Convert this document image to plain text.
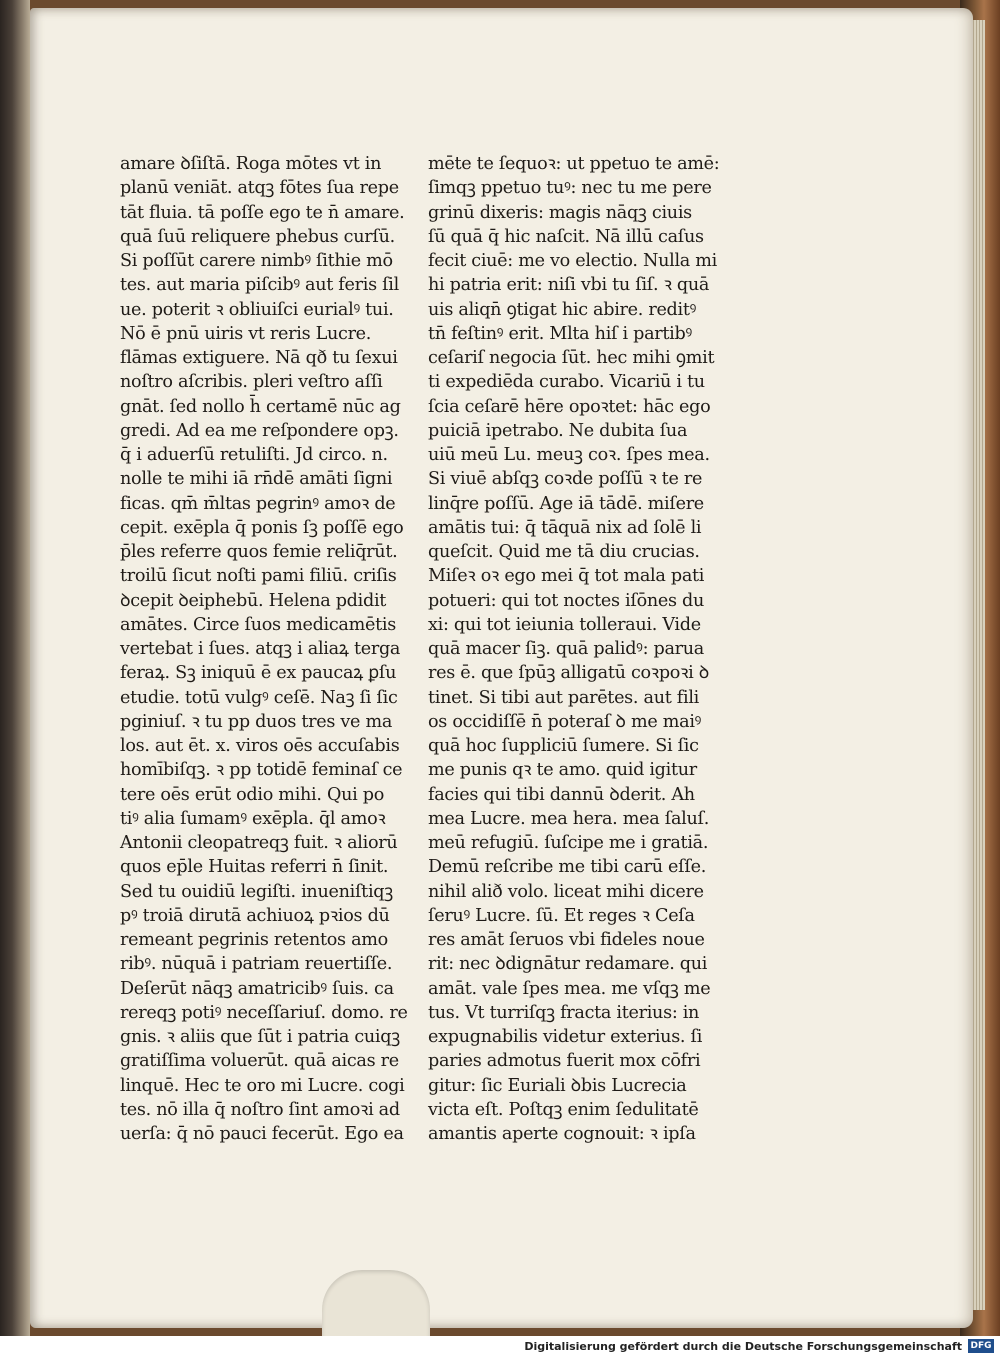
amare ꝺſiſtā. Roga mōtes vt in
planū veniāt. atqꝫ fōtes ſua repe
tāt fluia. tā poſſe ego te n̄ amare.
quā ſuū reliquere phebus curſū.
Si poſſūt carere nimbꝰ ſithie mō
tes. aut maria piſcibꝰ aut feris ſil
ue. poterit ꝛ obliuiſci eurialꝰ tui.
Nō ē pnū uiris vt reris Lucre.
flāmas extiguere. Nā qð tu ſexui
noſtro aſcribis. pleri veſtro aſſi
gnāt. ſed nollo h̄ certamē nūc ag
gredi. Ad ea me reſpondere opꝫ.
q̄ i aduerſū retuliſti. Jd circo. n.
nolle te mihi iā rn̄dē amāti ſigni
ficas. qm̄ m̄ltas pegrinꝰ amoꝛ de
cepit. exēpla q̄ ponis ſꝫ poſſē ego
p̄les referre quos femie reliq̄rūt.
troilū ſicut noſti pami filiū. criſis
ꝺcepit ꝺeiphebū. Helena pdidit
amātes. Circe ſuos medicamētis
vertebat i ſues. atqꝫ i aliaꝝ terga
feraꝝ. Sꝫ iniquū ē ex paucaꝝ ꝑſu
etudie. totū vulgꝰ ceſē. Naꝫ ſi ſic
pginiuſ. ꝛ tu pp duos tres ve ma
los. aut ēt. x. viros oēs accuſabis
homībiſqꝫ. ꝛ pp totidē feminaſ ce
tere oēs erūt odio mihi. Qui po
tiꝰ alia ſumamꝰ exēpla. q̄l amoꝛ
Antonii cleopatreqꝫ fuit. ꝛ aliorū
quos ep̄le Huitas referri n̄ ſinit.
Sed tu ouidiū legiſti. inueniſtiqꝫ
pꝰ troiā dirutā achiuoꝝ pꝛios dū
remeant pegrinis retentos amo
ribꝰ. nūquā i patriam reuertiſſe.
Deſerūt nāqꝫ amatricibꝰ ſuis. ca
rereqꝫ potiꝰ neceſſariuſ. domo. re
gnis. ꝛ aliis que ſūt i patria cuiqꝫ
gratiſſima voluerūt. quā aicas re
linquē. Hec te oro mi Lucre. cogi
tes. nō illa q̄ noſtro ſint amoꝛi ad
uerſa: q̄ nō pauci fecerūt. Ego ea
mēte te ſequoꝛ: ut ppetuo te amē:
ſimqꝫ ppetuo tuꝰ: nec tu me pere
grinū dixeris: magis nāqꝫ ciuis
ſū quā q̄ hic naſcit. Nā illū caſus
fecit ciuē: me vo electio. Nulla mi
hi patria erit: niſi vbi tu ſiſ. ꝛ quā
uis aliqn̄ ꝯtigat hic abire. reditꝰ
tn̄ feſtinꝰ erit. Mlta hiſ i partibꝰ
ceſariſ negocia ſūt. hec mihi ꝯmit
ti expediēda curabo. Vicariū i tu
ſcia ceſarē hēre opoꝛtet: hāc ego
puiciā ipetrabo. Ne dubita ſua
uiū meū Lu. meuꝫ coꝛ. ſpes mea.
Si viuē abſqꝫ coꝛde poſſū ꝛ te re
linq̄re poſſū. Age iā tādē. miſere
amātis tui: q̄ tāquā nix ad ſolē li
queſcit. Quid me tā diu crucias.
Miſeꝛ oꝛ ego mei q̄ tot mala pati
potueri: qui tot noctes iſōnes du
xi: qui tot ieiunia tolleraui. Vide
quā macer ſiꝫ. quā palidꝰ: parua
res ē. que ſpūꝫ alligatū coꝛpoꝛi ꝺ
tinet. Si tibi aut parētes. aut fili
os occidiſſē n̄ poteraſ ꝺ me maiꝰ
quā hoc ſuppliciū ſumere. Si ſic
me punis qꝛ te amo. quid igitur
facies qui tibi dannū ꝺderit. Ah
mea Lucre. mea hera. mea ſaluſ.
meū refugiū. ſuſcipe me i gratiā.
Demū reſcribe me tibi carū eſſe.
nihil alið volo. liceat mihi dicere
ſeruꝰ Lucre. ſū. Et reges ꝛ Ceſa
res amāt ſeruos vbi fideles noue
rit: nec ꝺdignātur redamare. qui
amāt. vale ſpes mea. me vſqꝫ me
tus. Vt turriſqꝫ fracta iterius: in
expugnabilis videtur exterius. ſi
paries admotus fuerit mox cōfri
gitur: ſic Euriali ꝺbis Lucrecia
victa eſt. Poſtqꝫ enim ſedulitatē
amantis aperte cognouit: ꝛ ipſa
Digitalisierung gefördert durch die Deutsche Forschungsgemeinschaft DFG
